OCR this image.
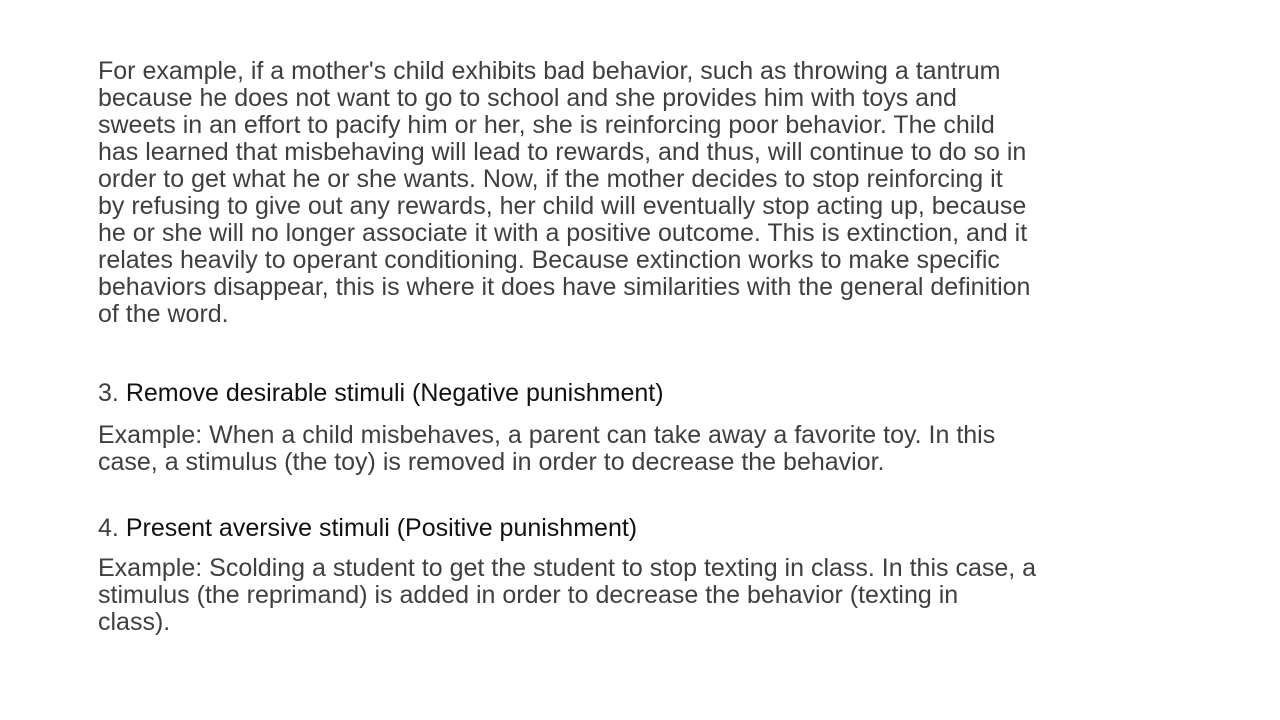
For example, if a mother's child exhibits bad behavior, such as throwing a tantrum
because he does not want to go to school and she provides him with toys and
sweets in an effort to pacify him or her, she is reinforcing poor behavior. The child
has learned that misbehaving will lead to rewards, and thus, will continue to do so in
order to get what he or she wants. Now, if the mother decides to stop reinforcing it
by refusing to give out any rewards, her child will eventually stop acting up, because
he or she will no longer associate it with a positive outcome. This is extinction, and it
relates heavily to operant conditioning. Because extinction works to make specific
behaviors disappear, this is where it does have similarities with the general definition
of the word.
3. Remove desirable stimuli (Negative punishment)
Example: When a child misbehaves, a parent can take away a favorite toy. In this
case, a stimulus (the toy) is removed in order to decrease the behavior.
4. Present aversive stimuli (Positive punishment)
Example: Scolding a student to get the student to stop texting in class. In this case, a
stimulus (the reprimand) is added in order to decrease the behavior (texting in
class).
